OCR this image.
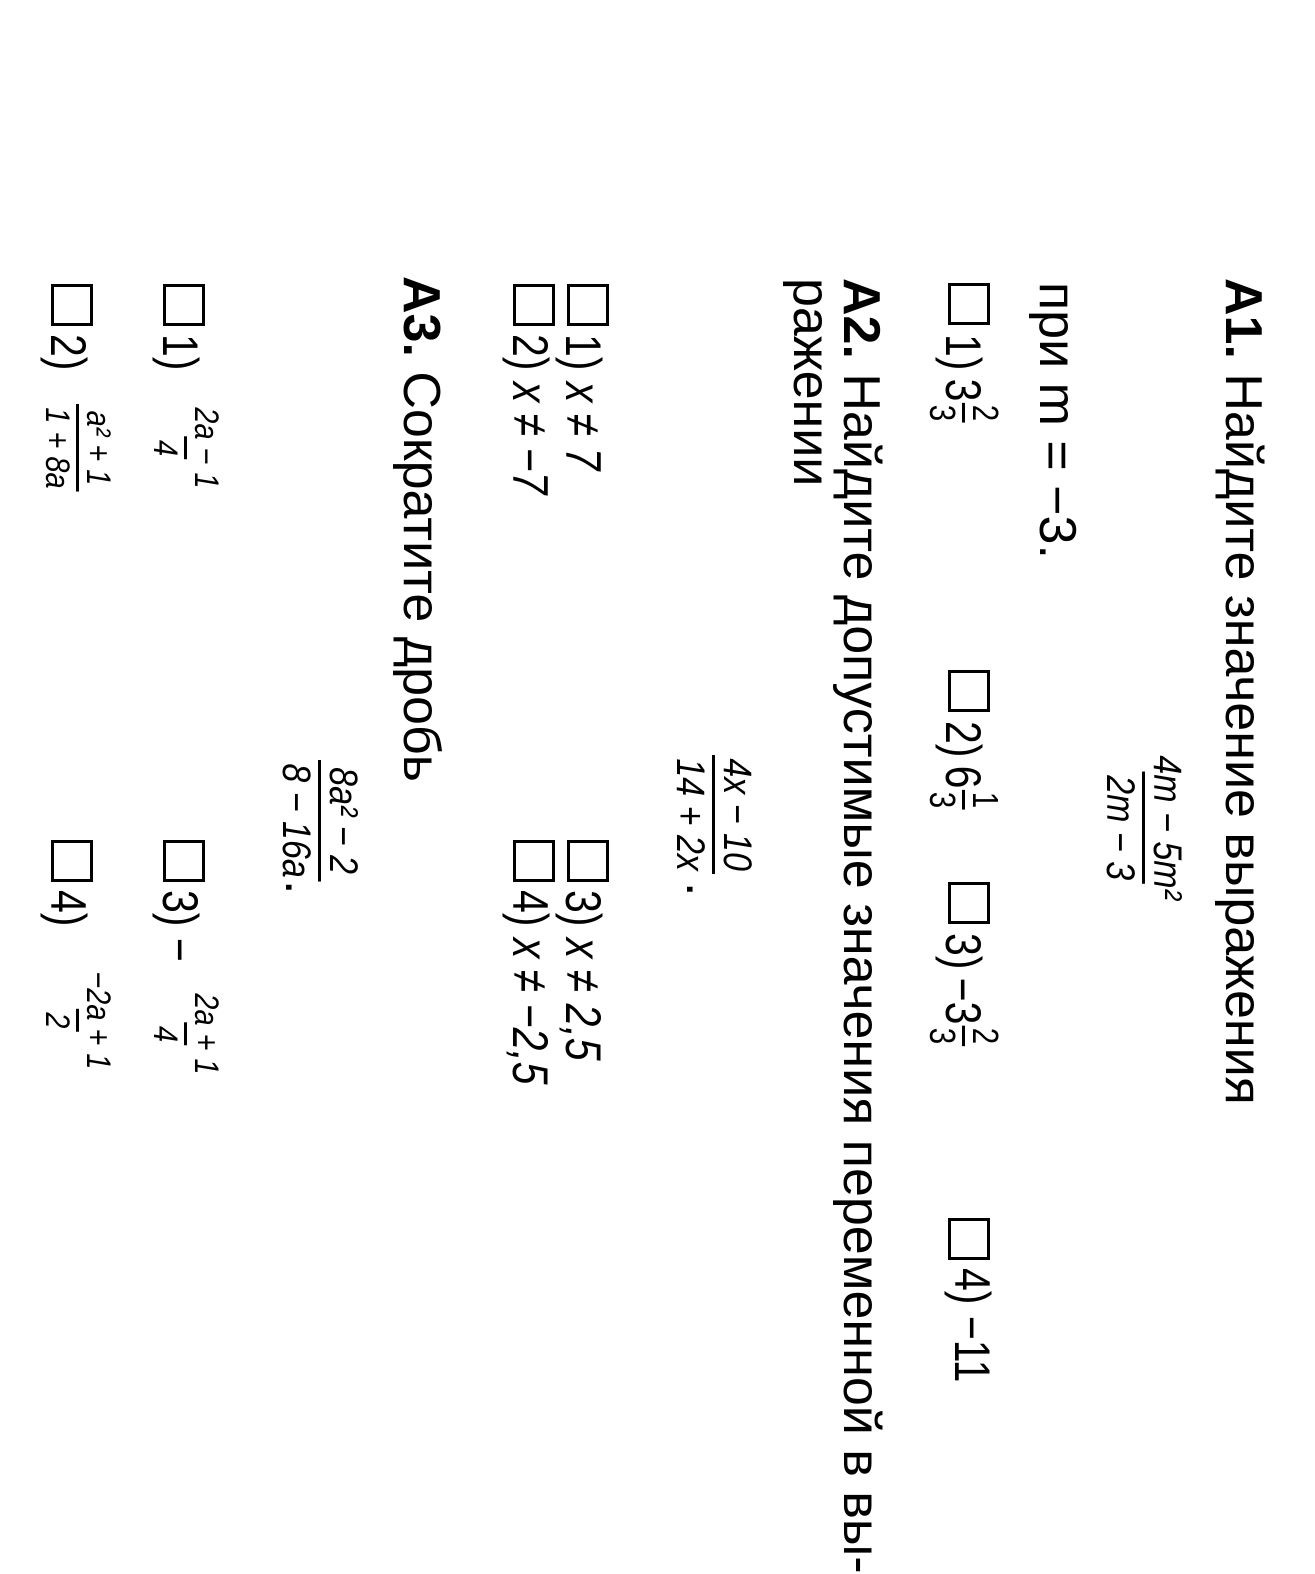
А1. Найдите значение выражения
4m − 5m²
2m − 3
при m = −3.
1)
3
2
3
2)
6
1
3
3)
−3
2
3
4) −11
А2. Найдите допустимые значения переменной в вы-
ражении
4x − 10
14 + 2x
.
1) x ≠ 7
2) x ≠ −7
3) x ≠ 2,5
4) x ≠ −2,5
А3. Сократите дробь
8a² − 2
8 − 16a
.
1)
2a − 1
4
2)
a² + 1
1 + 8a
3) −
2a + 1
4
4)
−2a + 1
2
